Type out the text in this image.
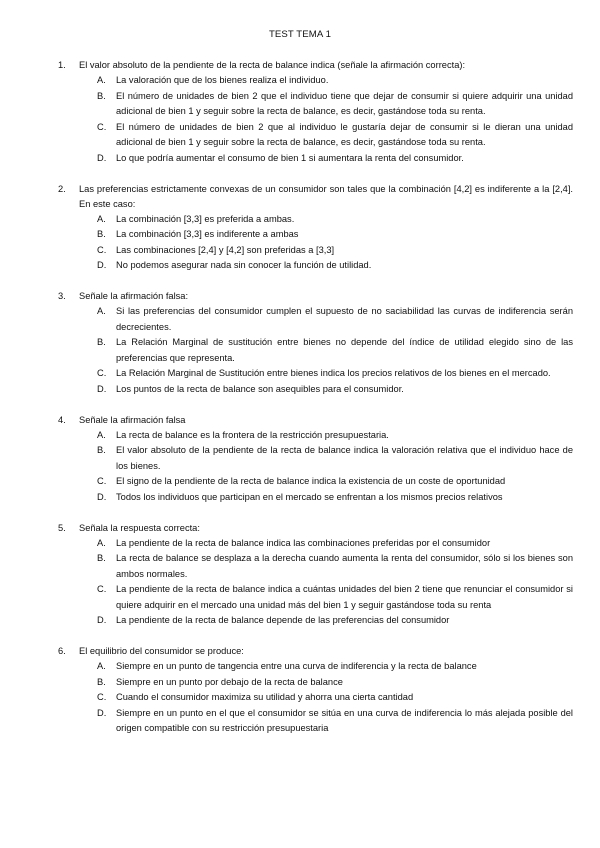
TEST TEMA 1
1. El valor absoluto de la pendiente de la recta de balance indica (señale la afirmación correcta):
A. La valoración que de los bienes realiza el individuo.
B. El número de unidades de bien 2 que el individuo tiene que dejar de consumir si quiere adquirir una unidad adicional de bien 1 y seguir sobre la recta de balance, es decir, gastándose toda su renta.
C. El número de unidades de bien 2 que al individuo le gustaría dejar de consumir si le dieran una unidad adicional de bien 1 y seguir sobre la recta de balance, es decir, gastándose toda su renta.
D. Lo que podría aumentar el consumo de bien 1 si aumentara la renta del consumidor.
2. Las preferencias estrictamente convexas de un consumidor son tales que la combinación [4,2] es indiferente a la [2,4]. En este caso:
A. La combinación [3,3] es preferida a ambas.
B. La combinación [3,3] es indiferente a ambas
C. Las combinaciones [2,4] y [4,2] son preferidas a [3,3]
D. No podemos asegurar nada sin conocer la función de utilidad.
3. Señale la afirmación falsa:
A. Si las preferencias del consumidor cumplen el supuesto de no saciabilidad las curvas de indiferencia serán decrecientes.
B. La Relación Marginal de sustitución entre bienes no depende del índice de utilidad elegido sino de las preferencias que representa.
C. La Relación Marginal de Sustitución entre bienes indica los precios relativos de los bienes en el mercado.
D. Los puntos de la recta de balance son asequibles para el consumidor.
4. Señale la afirmación falsa
A. La recta de balance es la frontera de la restricción presupuestaria.
B. El valor absoluto de la pendiente de la recta de balance indica la valoración relativa que el individuo hace de los bienes.
C. El signo de la pendiente de la recta de balance indica la existencia de un coste de oportunidad
D. Todos los individuos que participan en el mercado se enfrentan a los mismos precios relativos
5. Señala la respuesta correcta:
A. La pendiente de la recta de balance indica las combinaciones preferidas por el consumidor
B. La recta de balance se desplaza a la derecha cuando aumenta la renta del consumidor, sólo si los bienes son ambos normales.
C. La pendiente de la recta de balance indica a cuántas unidades del bien 2 tiene que renunciar el consumidor si quiere adquirir en el mercado una unidad más del bien 1 y seguir gastándose toda su renta
D. La pendiente de la recta de balance depende de las preferencias del consumidor
6. El equilibrio del consumidor se produce:
A. Siempre en un punto de tangencia entre una curva de indiferencia y la recta de balance
B. Siempre en un punto por debajo de la recta de balance
C. Cuando el consumidor maximiza su utilidad y ahorra una cierta cantidad
D. Siempre en un punto en el que el consumidor se sitúa en una curva de indiferencia lo más alejada posible del origen compatible con su restricción presupuestaria
